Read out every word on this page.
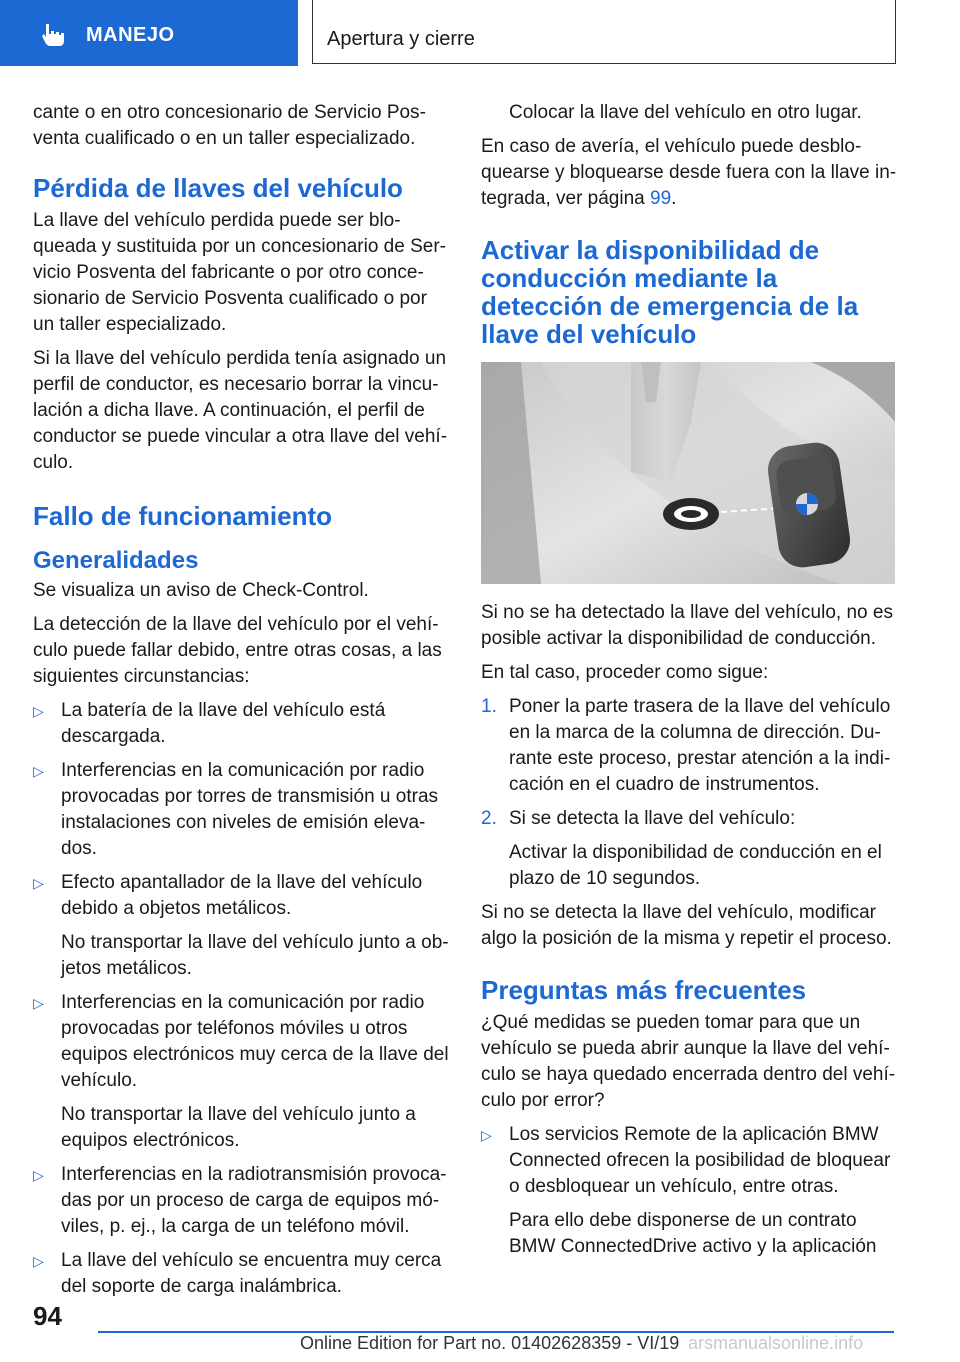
MANEJO	Apertura y cierre

cante o en otro concesionario de Servicio Posventa cualificado o en un taller especializado.

Pérdida de llaves del vehículo

La llave del vehículo perdida puede ser bloqueada y sustituida por un concesionario de Servicio Posventa del fabricante o por otro concesionario de Servicio Posventa cualificado o por un taller especializado.

Si la llave del vehículo perdida tenía asignado un perfil de conductor, es necesario borrar la vinculación a dicha llave. A continuación, el perfil de conductor se puede vincular a otra llave del vehículo.

Fallo de funcionamiento
Generalidades

Se visualiza un aviso de Check-Control.

La detección de la llave del vehículo por el vehículo puede fallar debido, entre otras cosas, a las siguientes circunstancias:

▷ La batería de la llave del vehículo está descargada.
▷ Interferencias en la comunicación por radio provocadas por torres de transmisión u otras instalaciones con niveles de emisión elevados.
▷ Efecto apantallador de la llave del vehículo debido a objetos metálicos.

No transportar la llave del vehículo junto a objetos metálicos.

▷ Interferencias en la comunicación por radio provocadas por teléfonos móviles u otros equipos electrónicos muy cerca de la llave del vehículo.

No transportar la llave del vehículo junto a equipos electrónicos.

▷ Interferencias en la radiotransmisión provocadas por un proceso de carga de equipos móviles, p. ej., la carga de un teléfono móvil.
▷ La llave del vehículo se encuentra muy cerca del soporte de carga inalámbrica.

Colocar la llave del vehículo en otro lugar.

En caso de avería, el vehículo puede desbloquearse y bloquearse desde fuera con la llave integrada, ver página 99.

Activar la disponibilidad de conducción mediante la detección de emergencia de la llave del vehículo

Si no se ha detectado la llave del vehículo, no es posible activar la disponibilidad de conducción.

En tal caso, proceder como sigue:

1. Poner la parte trasera de la llave del vehículo en la marca de la columna de dirección. Durante este proceso, prestar atención a la indicación en el cuadro de instrumentos.
2. Si se detecta la llave del vehículo:

Activar la disponibilidad de conducción en el plazo de 10 segundos.

Si no se detecta la llave del vehículo, modificar algo la posición de la misma y repetir el proceso.

Preguntas más frecuentes

¿Qué medidas se pueden tomar para que un vehículo se pueda abrir aunque la llave del vehículo se haya quedado encerrada dentro del vehículo por error?

▷ Los servicios Remote de la aplicación BMW Connected ofrecen la posibilidad de bloquear o desbloquear un vehículo, entre otras.

Para ello debe disponerse de un contrato BMW ConnectedDrive activo y la aplicación

94
Online Edition for Part no. 01402628359 - VI/19 arsmanualsonline.info
